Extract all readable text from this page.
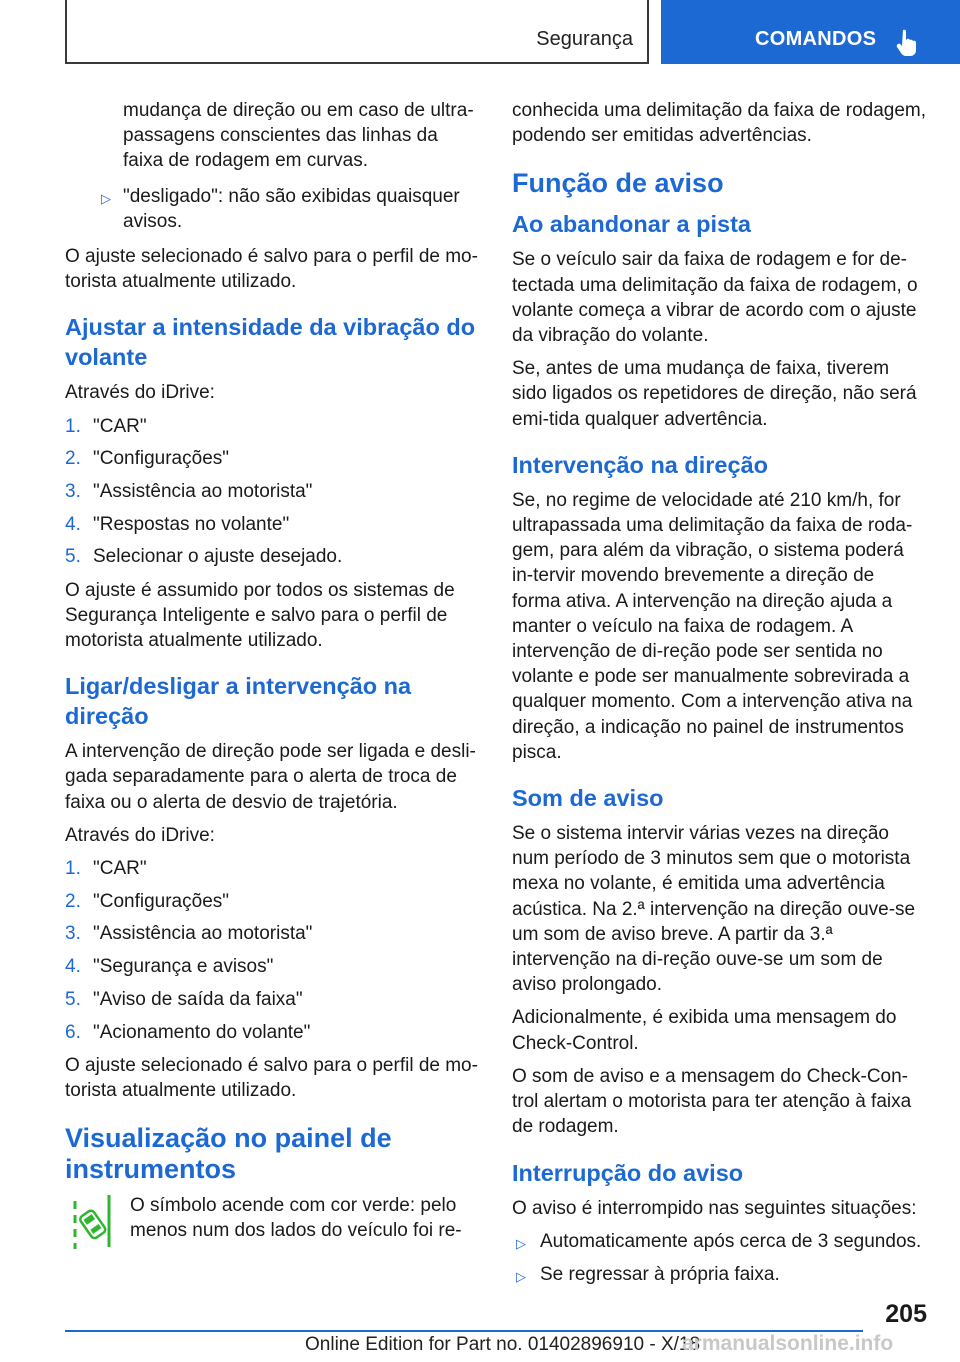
Segurança	COMANDOS

mudança de direção ou em caso de ultra-passagens conscientes das linhas da faixa de rodagem em curvas.

▷ "desligado": não são exibidas quaisquer avisos.

O ajuste selecionado é salvo para o perfil de mo-torista atualmente utilizado.

Ajustar a intensidade da vibração do volante

Através do iDrive:

1. "CAR"
2. "Configurações"
3. "Assistência ao motorista"
4. "Respostas no volante"
5. Selecionar o ajuste desejado.

O ajuste é assumido por todos os sistemas de Segurança Inteligente e salvo para o perfil de motorista atualmente utilizado.

Ligar/desligar a intervenção na direção

A intervenção de direção pode ser ligada e desli-gada separadamente para o alerta de troca de faixa ou o alerta de desvio de trajetória.

Através do iDrive:

1. "CAR"
2. "Configurações"
3. "Assistência ao motorista"
4. "Segurança e avisos"
5. "Aviso de saída da faixa"
6. "Acionamento do volante"

O ajuste selecionado é salvo para o perfil de mo-torista atualmente utilizado.

Visualização no painel de instrumentos

O símbolo acende com cor verde: pelo menos num dos lados do veículo foi re-

conhecida uma delimitação da faixa de rodagem, podendo ser emitidas advertências.

Função de aviso
Ao abandonar a pista

Se o veículo sair da faixa de rodagem e for de-tectada uma delimitação da faixa de rodagem, o volante começa a vibrar de acordo com o ajuste da vibração do volante.

Se, antes de uma mudança de faixa, tiverem sido ligados os repetidores de direção, não será emi-tida qualquer advertência.

Intervenção na direção

Se, no regime de velocidade até 210 km/h, for ultrapassada uma delimitação da faixa de roda-gem, para além da vibração, o sistema poderá in-tervir movendo brevemente a direção de forma ativa. A intervenção na direção ajuda a manter o veículo na faixa de rodagem. A intervenção de di-reção pode ser sentida no volante e pode ser manualmente sobrevirada a qualquer momento. Com a intervenção ativa na direção, a indicação no painel de instrumentos pisca.

Som de aviso

Se o sistema intervir várias vezes na direção num período de 3 minutos sem que o motorista mexa no volante, é emitida uma advertência acústica. Na 2.ª intervenção na direção ouve-se um som de aviso breve. A partir da 3.ª intervenção na di-reção ouve-se um som de aviso prolongado.

Adicionalmente, é exibida uma mensagem do Check-Control.

O som de aviso e a mensagem do Check-Con-trol alertam o motorista para ter atenção à faixa de rodagem.

Interrupção do aviso

O aviso é interrompido nas seguintes situações:

▷ Automaticamente após cerca de 3 segundos.
▷ Se regressar à própria faixa.
205
Online Edition for Part no. 01402896910 - X/18
armanualsonline.info
